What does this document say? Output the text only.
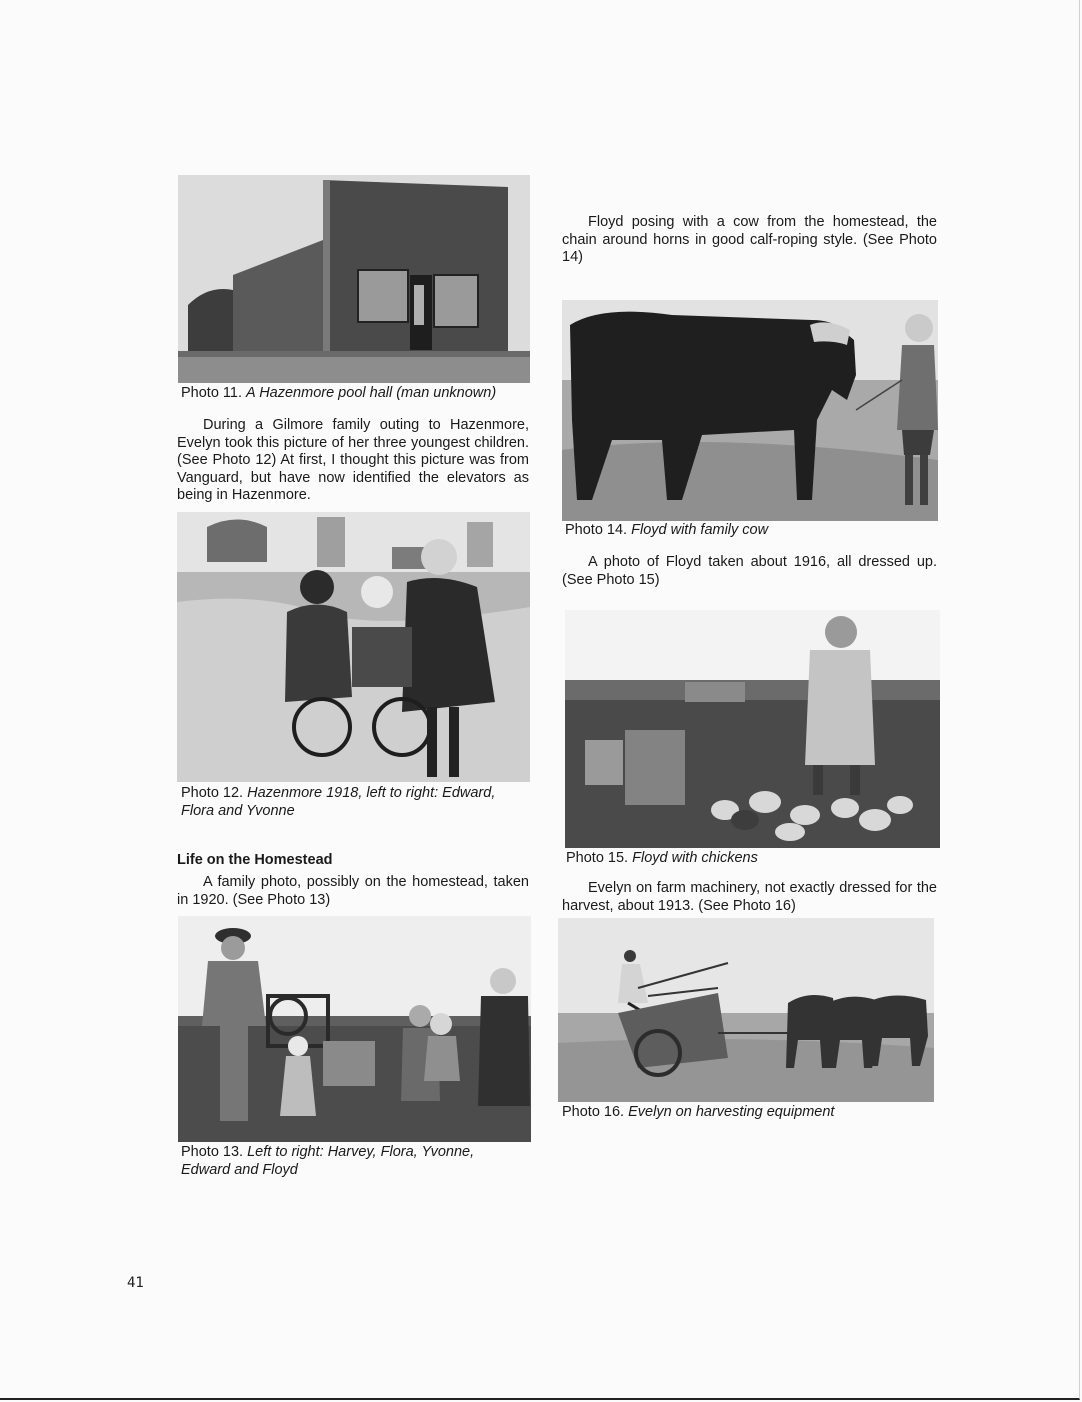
Photo 11. A Hazenmore pool hall (man unknown)

During a Gilmore family outing to Hazenmore, Evelyn took this picture of her three youngest children. (See Photo 12) At first, I thought this picture was from Vanguard, but have now identified the elevators as being in Hazenmore.

Photo 12. Hazenmore 1918, left to right: Edward, Flora and Yvonne
Life on the Homestead

A family photo, possibly on the homestead, taken in 1920. (See Photo 13)

Photo 13. Left to right: Harvey, Flora, Yvonne, Edward and Floyd

Floyd posing with a cow from the homestead, the chain around horns in good calf-roping style. (See Photo 14)

Photo 14. Floyd with family cow

A photo of Floyd taken about 1916, all dressed up. (See Photo 15)

Photo 15. Floyd with chickens

Evelyn on farm machinery, not exactly dressed for the harvest, about 1913. (See Photo 16)

Photo 16. Evelyn on harvesting equipment
41
